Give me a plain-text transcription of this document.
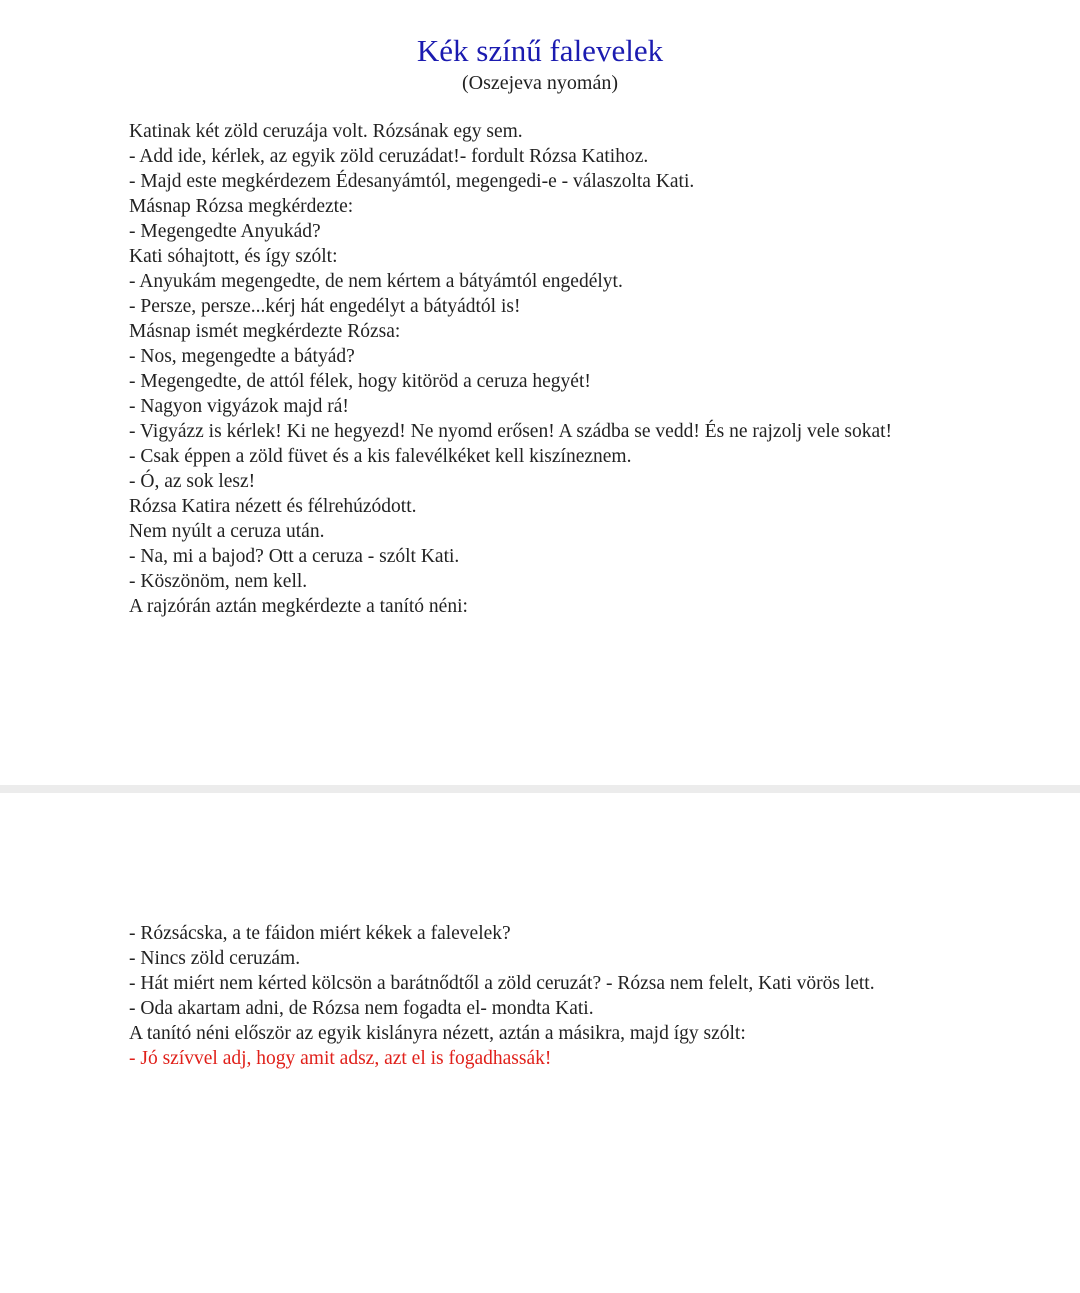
Kék színű falevelek
(Oszejeva nyomán)

Katinak két zöld ceruzája volt. Rózsának egy sem.

- Add ide, kérlek, az egyik zöld ceruzádat!- fordult Rózsa Katihoz.

- Majd este megkérdezem Édesanyámtól, megengedi-e - válaszolta Kati.

Másnap Rózsa megkérdezte:

- Megengedte Anyukád?

Kati sóhajtott, és így szólt:

- Anyukám megengedte, de nem kértem a bátyámtól engedélyt.

- Persze, persze...kérj hát engedélyt a bátyádtól is!

Másnap ismét megkérdezte Rózsa:

- Nos, megengedte a bátyád?

- Megengedte, de attól félek, hogy kitöröd a ceruza hegyét!

- Nagyon vigyázok majd rá!

- Vigyázz is kérlek! Ki ne hegyezd! Ne nyomd erősen! A szádba se vedd! És ne rajzolj vele sokat!

- Csak éppen a zöld füvet és a kis falevélkéket kell kiszíneznem.

- Ó, az sok lesz!

Rózsa Katira nézett és félrehúzódott.

Nem nyúlt a ceruza után.

- Na, mi a bajod? Ott a ceruza - szólt Kati.

- Köszönöm, nem kell.

A rajzórán aztán megkérdezte a tanító néni:

- Rózsácska, a te fáidon miért kékek a falevelek?

- Nincs zöld ceruzám.

- Hát miért nem kérted kölcsön a barátnődtől a zöld ceruzát? - Rózsa nem felelt, Kati vörös lett.

- Oda akartam adni, de Rózsa nem fogadta el- mondta Kati.

A tanító néni először az egyik kislányra nézett, aztán a másikra, majd így szólt:

- Jó szívvel adj, hogy amit adsz, azt el is fogadhassák!
